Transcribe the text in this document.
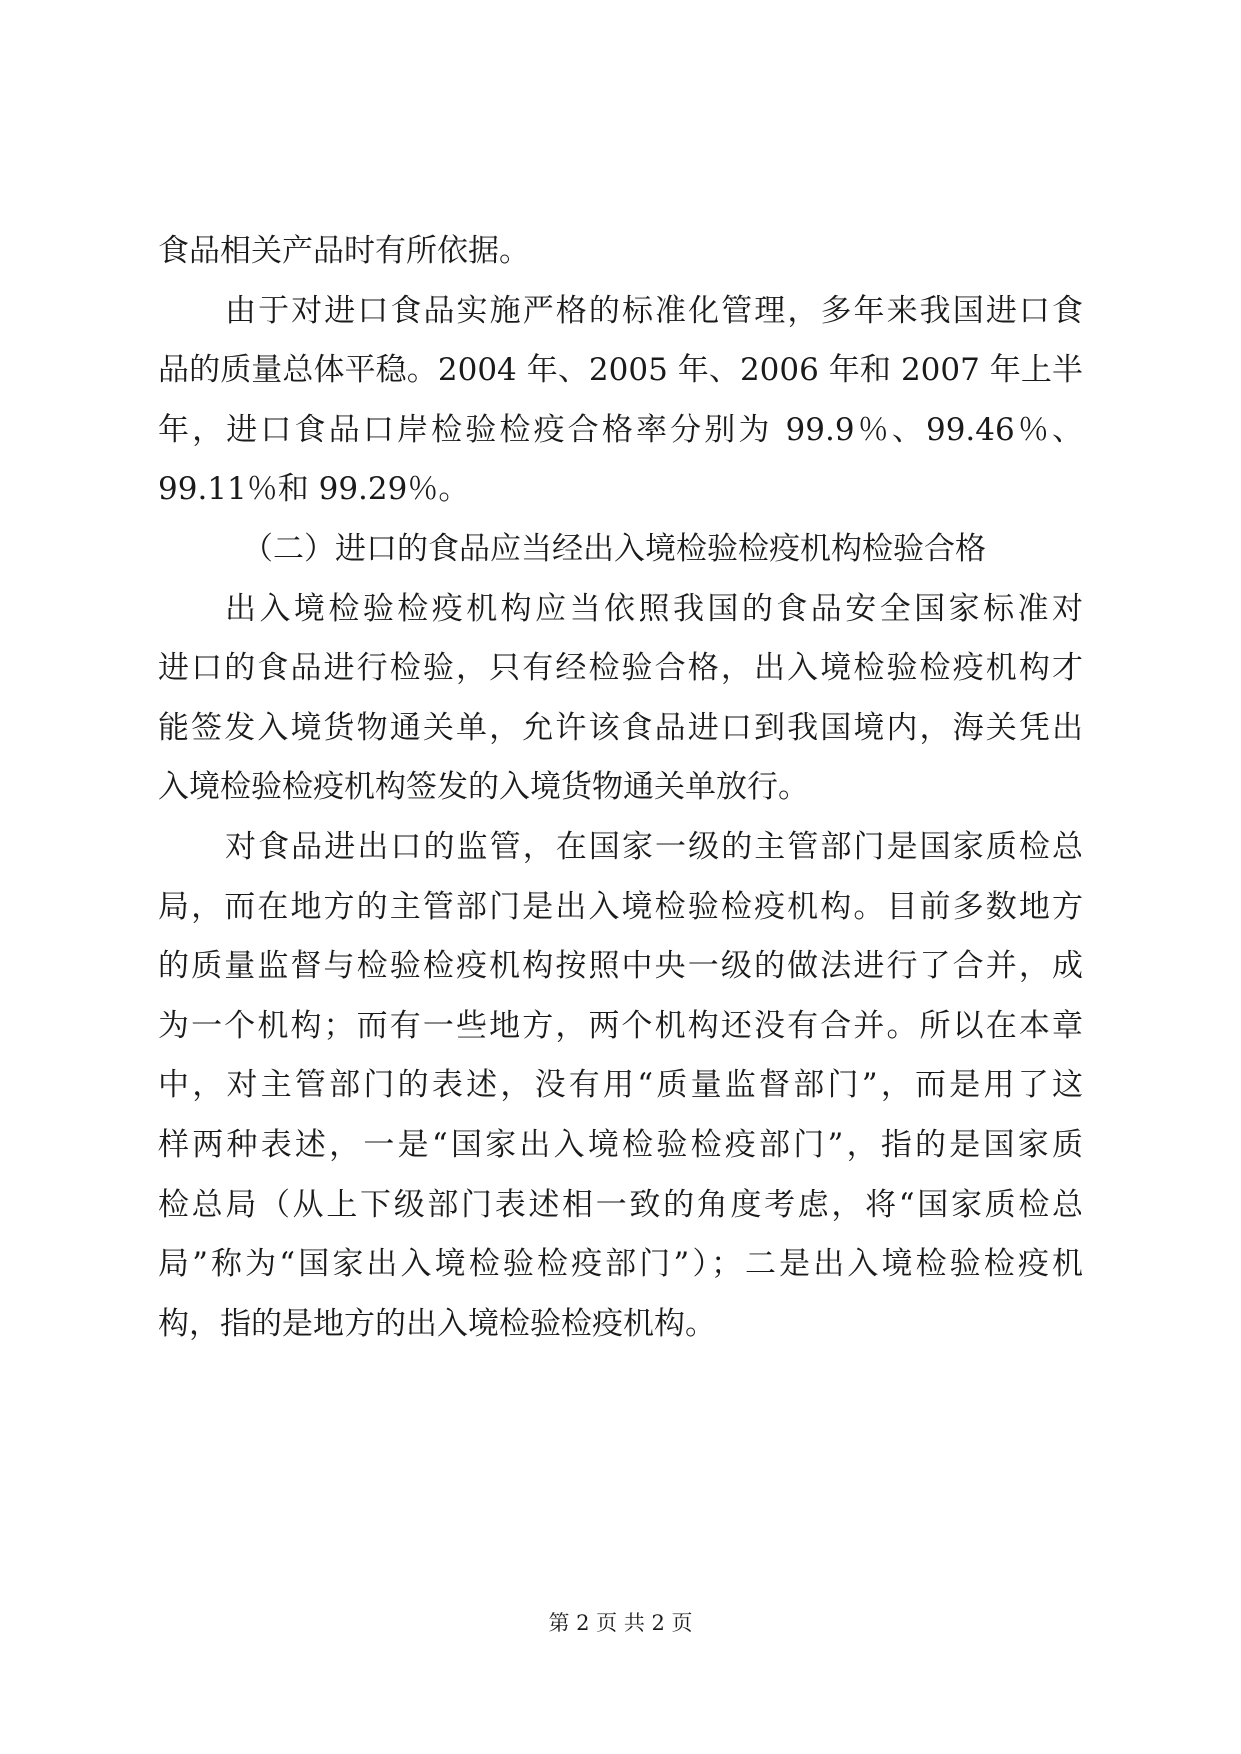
食品相关产品时有所依据。
由于对进口食品实施严格的标准化管理，多年来我国进口食
品的质量总体平稳。2004 年、2005 年、2006 年和 2007 年上半
年，进口食品口岸检验检疫合格率分别为 99.9％、99.46％、
99.11％和 99.29％。
（二）进口的食品应当经出入境检验检疫机构检验合格
出入境检验检疫机构应当依照我国的食品安全国家标准对
进口的食品进行检验，只有经检验合格，出入境检验检疫机构才
能签发入境货物通关单，允许该食品进口到我国境内，海关凭出
入境检验检疫机构签发的入境货物通关单放行。
对食品进出口的监管，在国家一级的主管部门是国家质检总
局，而在地方的主管部门是出入境检验检疫机构。目前多数地方
的质量监督与检验检疫机构按照中央一级的做法进行了合并，成
为一个机构；而有一些地方，两个机构还没有合并。所以在本章
中，对主管部门的表述，没有用“质量监督部门”，而是用了这
样两种表述，一是“国家出入境检验检疫部门”，指的是国家质
检总局（从上下级部门表述相一致的角度考虑，将“国家质检总
局”称为“国家出入境检验检疫部门”）；二是出入境检验检疫机
构，指的是地方的出入境检验检疫机构。
第 2 页 共 2 页
